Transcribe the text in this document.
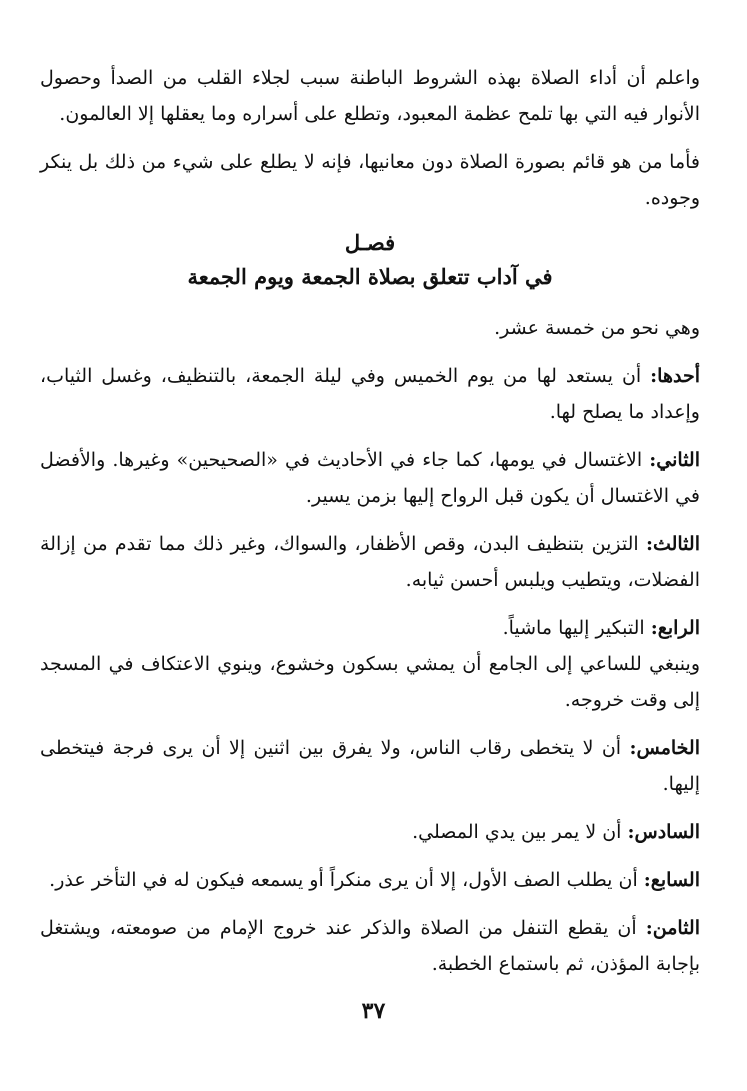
واعلم أن أداء الصلاة بهذه الشروط الباطنة سبب لجلاء القلب من الصدأ وحصول الأنوار فيه التي بها تلمح عظمة المعبود، وتطلع على أسراره وما يعقلها إلا العالمون.

فأما من هو قائم بصورة الصلاة دون معانيها، فإنه لا يطلع على شيء من ذلك بل ينكر وجوده.

فصـل
في آداب تتعلق بصلاة الجمعة ويوم الجمعة

وهي نحو من خمسة عشر.

أحدها: أن يستعد لها من يوم الخميس وفي ليلة الجمعة، بالتنظيف، وغسل الثياب، وإعداد ما يصلح لها.

الثاني: الاغتسال في يومها، كما جاء في الأحاديث في «الصحيحين» وغيرها. والأفضل في الاغتسال أن يكون قبل الرواح إليها بزمن يسير.

الثالث: التزين بتنظيف البدن، وقص الأظفار، والسواك، وغير ذلك مما تقدم من إزالة الفضلات، ويتطيب ويلبس أحسن ثيابه.

الرابع: التبكير إليها ماشياً.

وينبغي للساعي إلى الجامع أن يمشي بسكون وخشوع، وينوي الاعتكاف في المسجد إلى وقت خروجه.

الخامس: أن لا يتخطى رقاب الناس، ولا يفرق بين اثنين إلا أن يرى فرجة فيتخطى إليها.

السادس: أن لا يمر بين يدي المصلي.

السابع: أن يطلب الصف الأول، إلا أن يرى منكراً أو يسمعه فيكون له في التأخر عذر.

الثامن: أن يقطع التنفل من الصلاة والذكر عند خروج الإمام من صومعته، ويشتغل بإجابة المؤذن، ثم باستماع الخطبة.

٣٧
